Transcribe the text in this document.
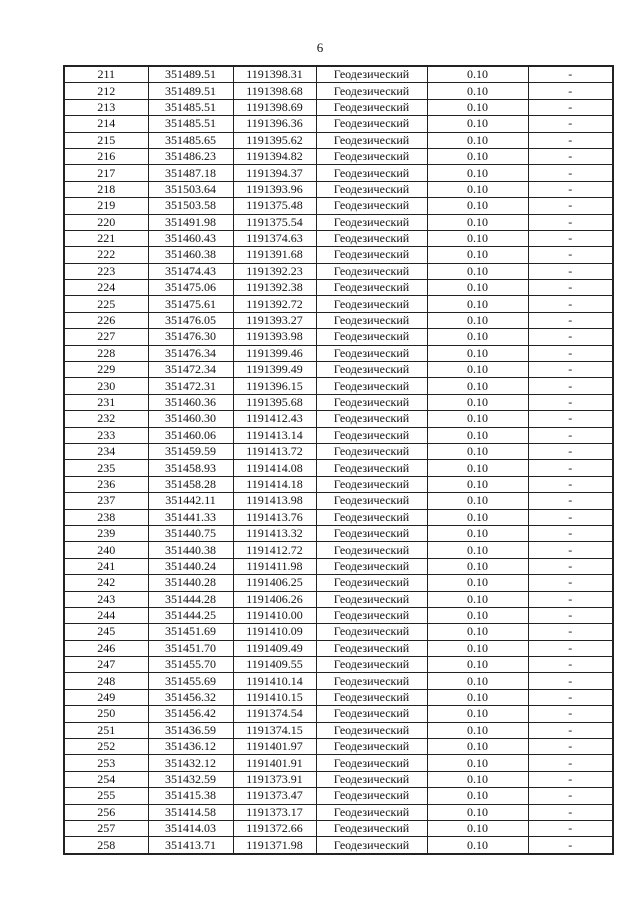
6
211	351489.51	1191398.31	Геодезический	0.10	-
212	351489.51	1191398.68	Геодезический	0.10	-
213	351485.51	1191398.69	Геодезический	0.10	-
214	351485.51	1191396.36	Геодезический	0.10	-
215	351485.65	1191395.62	Геодезический	0.10	-
216	351486.23	1191394.82	Геодезический	0.10	-
217	351487.18	1191394.37	Геодезический	0.10	-
218	351503.64	1191393.96	Геодезический	0.10	-
219	351503.58	1191375.48	Геодезический	0.10	-
220	351491.98	1191375.54	Геодезический	0.10	-
221	351460.43	1191374.63	Геодезический	0.10	-
222	351460.38	1191391.68	Геодезический	0.10	-
223	351474.43	1191392.23	Геодезический	0.10	-
224	351475.06	1191392.38	Геодезический	0.10	-
225	351475.61	1191392.72	Геодезический	0.10	-
226	351476.05	1191393.27	Геодезический	0.10	-
227	351476.30	1191393.98	Геодезический	0.10	-
228	351476.34	1191399.46	Геодезический	0.10	-
229	351472.34	1191399.49	Геодезический	0.10	-
230	351472.31	1191396.15	Геодезический	0.10	-
231	351460.36	1191395.68	Геодезический	0.10	-
232	351460.30	1191412.43	Геодезический	0.10	-
233	351460.06	1191413.14	Геодезический	0.10	-
234	351459.59	1191413.72	Геодезический	0.10	-
235	351458.93	1191414.08	Геодезический	0.10	-
236	351458.28	1191414.18	Геодезический	0.10	-
237	351442.11	1191413.98	Геодезический	0.10	-
238	351441.33	1191413.76	Геодезический	0.10	-
239	351440.75	1191413.32	Геодезический	0.10	-
240	351440.38	1191412.72	Геодезический	0.10	-
241	351440.24	1191411.98	Геодезический	0.10	-
242	351440.28	1191406.25	Геодезический	0.10	-
243	351444.28	1191406.26	Геодезический	0.10	-
244	351444.25	1191410.00	Геодезический	0.10	-
245	351451.69	1191410.09	Геодезический	0.10	-
246	351451.70	1191409.49	Геодезический	0.10	-
247	351455.70	1191409.55	Геодезический	0.10	-
248	351455.69	1191410.14	Геодезический	0.10	-
249	351456.32	1191410.15	Геодезический	0.10	-
250	351456.42	1191374.54	Геодезический	0.10	-
251	351436.59	1191374.15	Геодезический	0.10	-
252	351436.12	1191401.97	Геодезический	0.10	-
253	351432.12	1191401.91	Геодезический	0.10	-
254	351432.59	1191373.91	Геодезический	0.10	-
255	351415.38	1191373.47	Геодезический	0.10	-
256	351414.58	1191373.17	Геодезический	0.10	-
257	351414.03	1191372.66	Геодезический	0.10	-
258	351413.71	1191371.98	Геодезический	0.10	-
